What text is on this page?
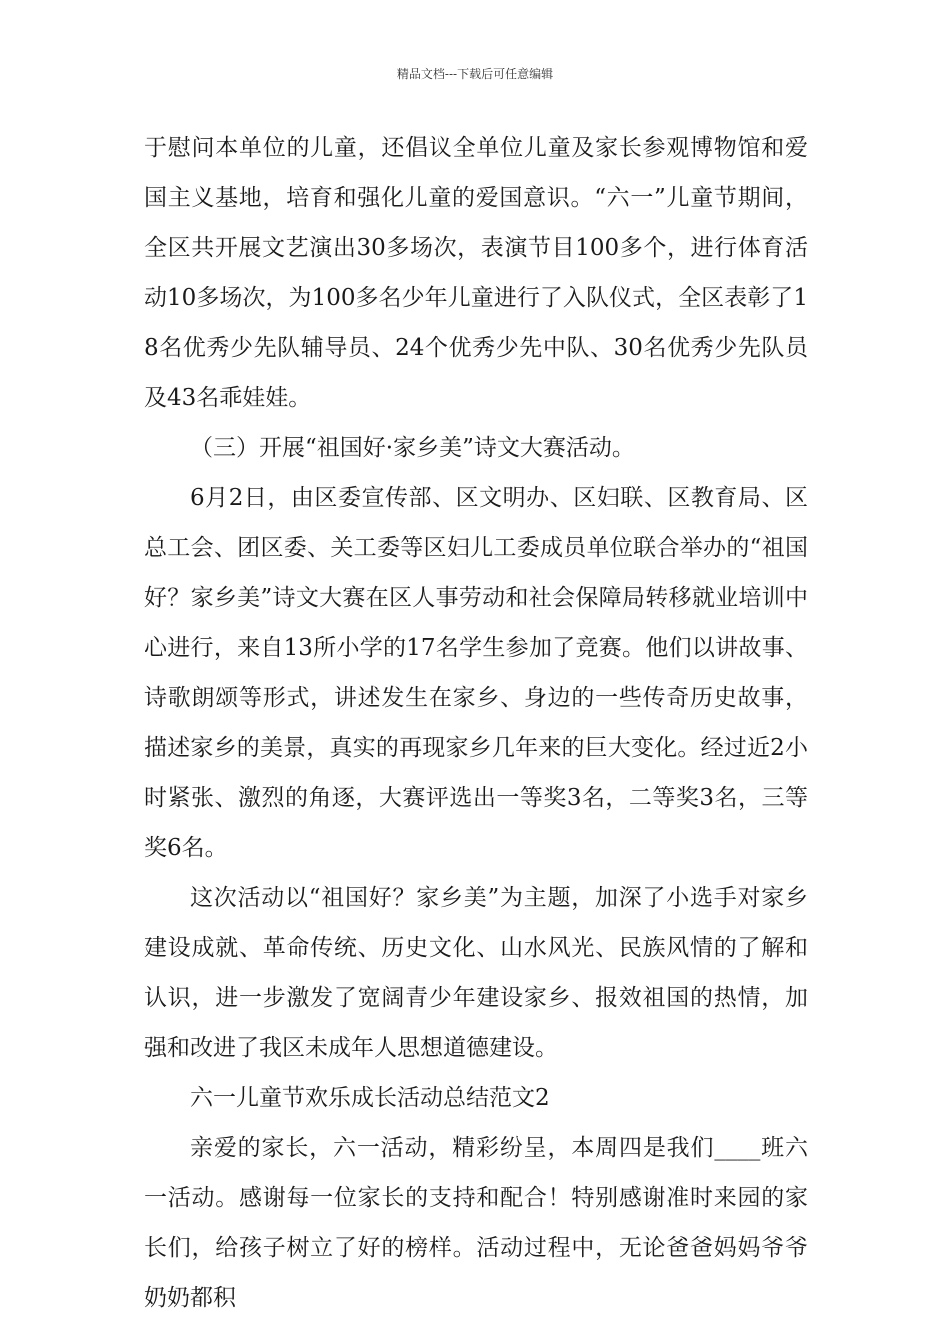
精品文档---下载后可任意编辑

于慰问本单位的儿童，还倡议全单位儿童及家长参观博物馆和爱国主义基地，培育和强化儿童的爱国意识。“六一”儿童节期间，全区共开展文艺演出30多场次，表演节目100多个，进行体育活动10多场次，为100多名少年儿童进行了入队仪式，全区表彰了18名优秀少先队辅导员、24个优秀少先中队、30名优秀少先队员及43名乖娃娃。

（三）开展“祖国好·家乡美”诗文大赛活动。

6月2日，由区委宣传部、区文明办、区妇联、区教育局、区总工会、团区委、关工委等区妇儿工委成员单位联合举办的“祖国好？家乡美”诗文大赛在区人事劳动和社会保障局转移就业培训中心进行，来自13所小学的17名学生参加了竞赛。他们以讲故事、诗歌朗颂等形式，讲述发生在家乡、身边的一些传奇历史故事，描述家乡的美景，真实的再现家乡几年来的巨大变化。经过近2小时紧张、激烈的角逐，大赛评选出一等奖3名，二等奖3名，三等奖6名。

这次活动以“祖国好？家乡美”为主题，加深了小选手对家乡建设成就、革命传统、历史文化、山水风光、民族风情的了解和认识，进一步激发了宽阔青少年建设家乡、报效祖国的热情，加强和改进了我区未成年人思想道德建设。

六一儿童节欢乐成长活动总结范文2

亲爱的家长，六一活动，精彩纷呈，本周四是我们____班六一活动。感谢每一位家长的支持和配合！特别感谢准时来园的家长们，给孩子树立了好的榜样。活动过程中，无论爸爸妈妈爷爷奶奶都积
